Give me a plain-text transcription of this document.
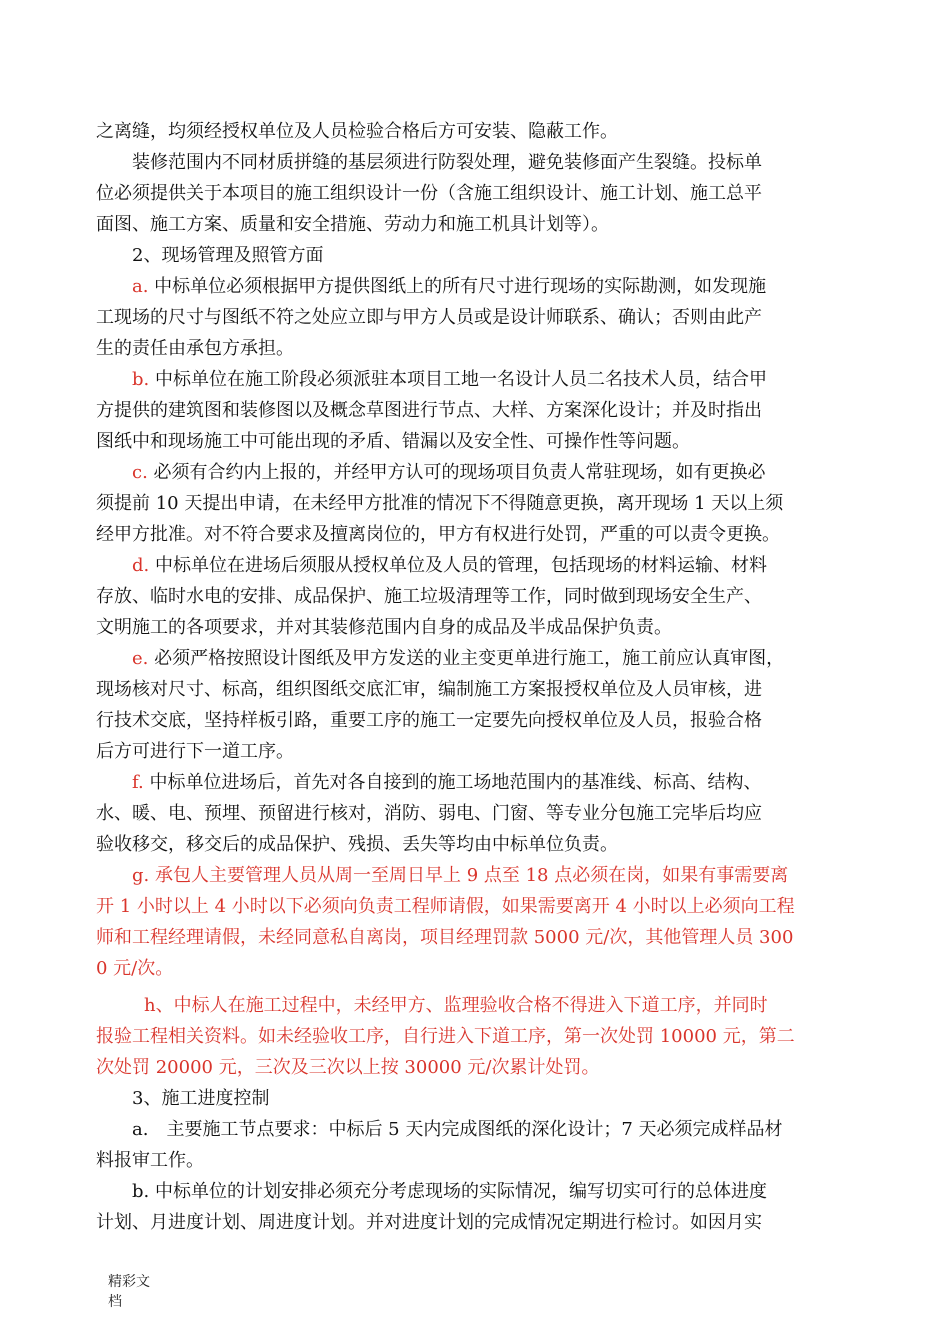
之离缝，均须经授权单位及人员检验合格后方可安装、隐蔽工作。

装修范围内不同材质拼缝的基层须进行防裂处理，避免装修面产生裂缝。投标单
位必须提供关于本项目的施工组织设计一份（含施工组织设计、施工计划、施工总平
面图、施工方案、质量和安全措施、劳动力和施工机具计划等）。

2、现场管理及照管方面

a. 中标单位必须根据甲方提供图纸上的所有尺寸进行现场的实际勘测，如发现施
工现场的尺寸与图纸不符之处应立即与甲方人员或是设计师联系、确认；否则由此产
生的责任由承包方承担。

b. 中标单位在施工阶段必须派驻本项目工地一名设计人员二名技术人员，结合甲
方提供的建筑图和装修图以及概念草图进行节点、大样、方案深化设计；并及时指出
图纸中和现场施工中可能出现的矛盾、错漏以及安全性、可操作性等问题。

c. 必须有合约内上报的，并经甲方认可的现场项目负责人常驻现场，如有更换必
须提前 10 天提出申请，在未经甲方批准的情况下不得随意更换，离开现场 1 天以上须
经甲方批准。对不符合要求及擅离岗位的，甲方有权进行处罚，严重的可以责令更换。

d. 中标单位在进场后须服从授权单位及人员的管理，包括现场的材料运输、材料
存放、临时水电的安排、成品保护、施工垃圾清理等工作，同时做到现场安全生产、
文明施工的各项要求，并对其装修范围内自身的成品及半成品保护负责。

e. 必须严格按照设计图纸及甲方发送的业主变更单进行施工，施工前应认真审图，
现场核对尺寸、标高，组织图纸交底汇审，编制施工方案报授权单位及人员审核，进
行技术交底，坚持样板引路，重要工序的施工一定要先向授权单位及人员，报验合格
后方可进行下一道工序。

f. 中标单位进场后，首先对各自接到的施工场地范围内的基准线、标高、结构、
水、暖、电、预埋、预留进行核对，消防、弱电、门窗、等专业分包施工完毕后均应
验收移交，移交后的成品保护、残损、丢失等均由中标单位负责。

g. 承包人主要管理人员从周一至周日早上 9 点至 18 点必须在岗，如果有事需要离
开 1 小时以上 4 小时以下必须向负责工程师请假，如果需要离开 4 小时以上必须向工程
师和工程经理请假，未经同意私自离岗，项目经理罚款 5000 元/次，其他管理人员 300
0 元/次。

h、中标人在施工过程中，未经甲方、监理验收合格不得进入下道工序，并同时
报验工程相关资料。如未经验收工序，自行进入下道工序，第一次处罚 10000 元，第二
次处罚 20000 元，三次及三次以上按 30000 元/次累计处罚。

3、施工进度控制

a.　主要施工节点要求：中标后 5 天内完成图纸的深化设计；7 天必须完成样品材
料报审工作。

b. 中标单位的计划安排必须充分考虑现场的实际情况，编写切实可行的总体进度
计划、月进度计划、周进度计划。并对进度计划的完成情况定期进行检讨。如因月实

精彩文
档
